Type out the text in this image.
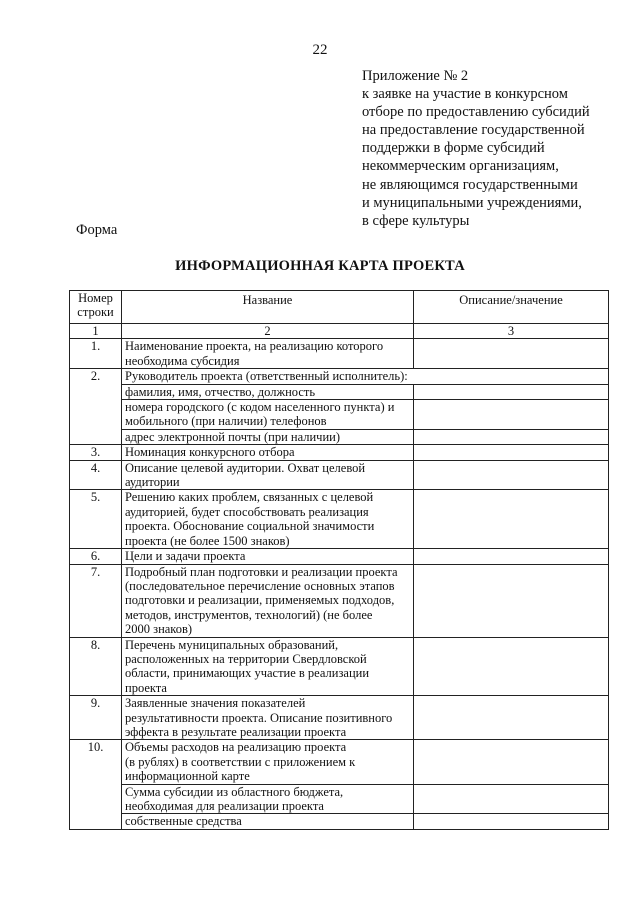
22
Приложение № 2
к заявке на участие в конкурсном
отборе по предоставлению субсидий
на предоставление государственной
поддержки в форме субсидий
некоммерческим организациям,
не являющимся государственными
и муниципальными учреждениями,
в сфере культуры
Форма
ИНФОРМАЦИОННАЯ КАРТА ПРОЕКТА
Номер
строки	Название	Описание/значение
1	2	3
1.	Наименование проекта, на реализацию которого
необходима субсидия	

2.	Руководитель проекта (ответственный исполнитель):	

	фамилия, имя, отчество, должность	

	номера городского (с кодом населенного пункта) и
мобильного (при наличии) телефонов	

	адрес электронной почты (при наличии)	

3.	Номинация конкурсного отбора	

4.	Описание целевой аудитории. Охват целевой
аудитории	

5.	Решению каких проблем, связанных с целевой
аудиторией, будет способствовать реализация
проекта. Обоснование социальной значимости
проекта (не более 1500 знаков)	

6.	Цели и задачи проекта	

7.	Подробный план подготовки и реализации проекта
(последовательное перечисление основных этапов
подготовки и реализации, применяемых подходов,
методов, инструментов, технологий) (не более
2000 знаков)	

8.	Перечень муниципальных образований,
расположенных на территории Свердловской
области, принимающих участие в реализации
проекта	

9.	Заявленные значения показателей
результативности проекта. Описание позитивного
эффекта в результате реализации проекта	

10.	Объемы расходов на реализацию проекта
(в рублях) в соответствии с приложением к
информационной карте	

	Сумма субсидии из областного бюджета,
необходимая для реализации проекта	

	собственные средства	
